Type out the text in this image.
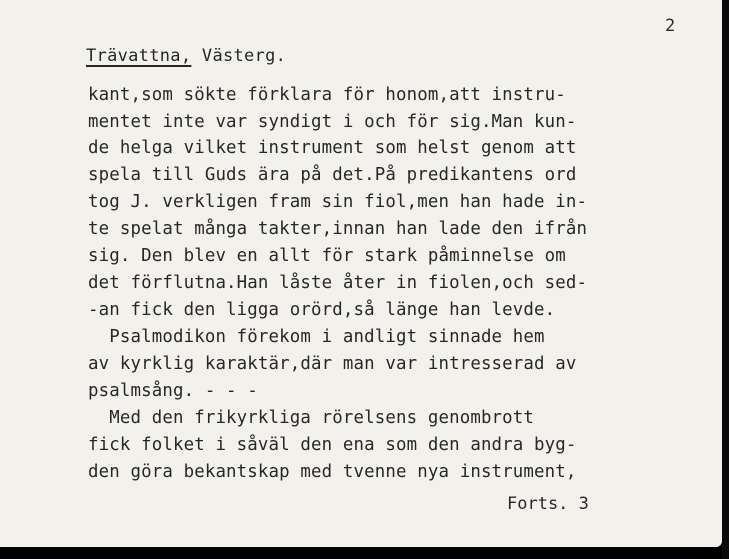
2
Trävattna, Västerg.
kant,som sökte förklara för honom,att instru-
mentet inte var syndigt i och för sig.Man kun-
de helga vilket instrument som helst genom att
spela till Guds ära på det.På predikantens ord
tog J. verkligen fram sin fiol,men han hade in-
te spelat många takter,innan han lade den ifrån
sig. Den blev en allt för stark påminnelse om
det förflutna.Han låste åter in fiolen,och sed-
-an fick den ligga orörd,så länge han levde.
Psalmodikon förekom i andligt sinnade hem
av kyrklig karaktär,där man var intresserad av
psalmsång. - - -
Med den frikyrkliga rörelsens genombrott
fick folket i såväl den ena som den andra byg-
den göra bekantskap med tvenne nya instrument,
Forts. 3
